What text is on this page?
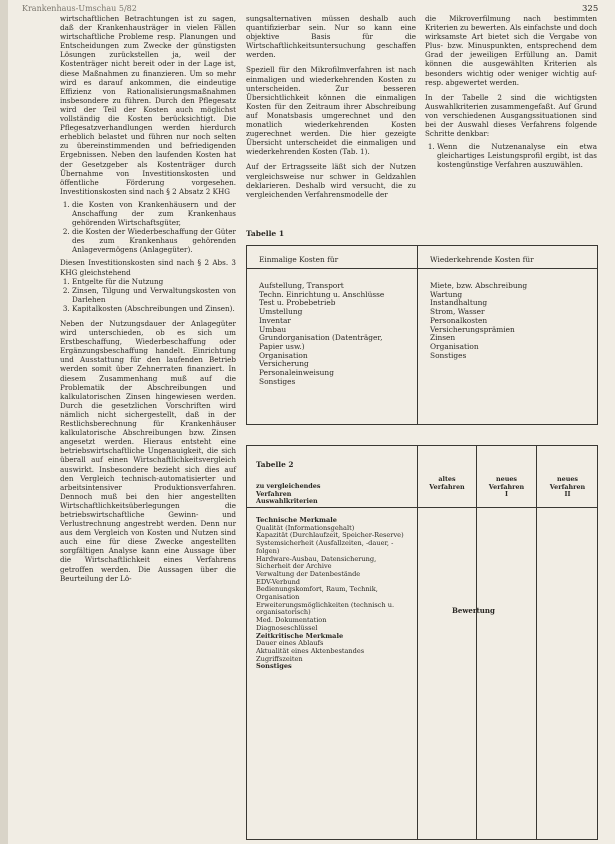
Krankenhaus-Umschau 5/82	325

wirtschaftlichen Betrachtungen ist zu sagen, daß der Krankenhausträger in vielen Fällen wirtschaftliche Probleme resp. Planungen und Entscheidungen zum Zwecke der günstigsten Lösungen zurückstellen ja, weil der Kostenträger nicht bereit oder in der Lage ist, diese Maßnahmen zu finanzieren. Um so mehr wird es darauf ankommen, die eindeutige Effizienz von Rationalisierungsmaßnahmen insbesondere zu führen. Durch den Pflegesatz wird der Teil der Kosten auch möglichst vollständig die Kosten berücksichtigt. Die Pflegesatzverhandlungen werden hierdurch erheblich belastet und führen nur noch selten zu übereinstimmenden und befriedigenden Ergebnissen. Neben den laufenden Kosten hat der Gesetzgeber als Kostenträger durch Übernahme von Investitionskosten und öffentliche Förderung vorgesehen. Investitionskosten sind nach § 2 Absatz 2 KHG

1. die Kosten von Krankenhäusern und der Anschaffung der zum Krankenhaus gehörenden Wirtschaftsgüter,
2. die Kosten der Wiederbeschaffung der Güter des zum Krankenhaus gehörenden Anlagevermögens (Anlagegüter).

Diesen Investitionskosten sind nach § 2 Abs. 3 KHG gleichstehend

1. Entgelte für die Nutzung
2. Zinsen, Tilgung und Verwaltungskosten von Darlehen
3. Kapitalkosten (Abschreibungen und Zinsen).

Neben der Nutzungsdauer der Anlagegüter wird unterschieden, ob es sich um Erstbeschaffung, Wiederbeschaffung oder Ergänzungsbeschaffung handelt. Einrichtung und Ausstattung für den laufenden Betrieb werden somit über Zehnerraten finanziert. In diesem Zusammenhang muß auf die Problematik der Abschreibungen und kalkulatorischen Zinsen hingewiesen werden. Durch die gesetzlichen Vorschriften wird nämlich nicht sichergestellt, daß in der Restlichsberechnung für Krankenhäuser kalkulatorische Abschreibungen bzw. Zinsen angesetzt werden. Hieraus entsteht eine betriebswirtschaftliche Ungenauigkeit, die sich überall auf einen Wirtschaftlichkeitsvergleich auswirkt. Insbesondere bezieht sich dies auf den Vergleich technisch-automatisierter und arbeitsintensiver Produktionsverfahren. Dennoch muß bei den hier angestellten Wirtschaftlichkeitsüberlegungen die betriebswirtschaftliche Gewinn- und Verlustrechnung angestrebt werden. Denn nur aus dem Vergleich von Kosten und Nutzen sind auch eine für diese Zwecke angestellten sorgfältigen Analyse kann eine Aussage über die Wirtschaftlichkeit eines Verfahrens getroffen werden. Die Aussagen über die Beurteilung der Lö-

sungsalternativen müssen deshalb auch quantifizierbar sein. Nur so kann eine objektive Basis für die Wirtschaftlichkeitsuntersuchung geschaffen werden.

Speziell für den Mikrofilmverfahren ist nach einmaligen und wiederkehrenden Kosten zu unterscheiden. Zur besseren Übersichtlichkeit können die einmaligen Kosten für den Zeitraum ihrer Abschreibung auf Monatsbasis umgerechnet und den monatlich wiederkehrenden Kosten zugerechnet werden. Die hier gezeigte Übersicht unterscheidet die einmaligen und wiederkehrenden Kosten (Tab. 1).

Auf der Ertragsseite läßt sich der Nutzen vergleichsweise nur schwer in Geldzahlen deklarieren. Deshalb wird versucht, die zu vergleichenden Verfahrensmodelle der

die Mikroverfilmung nach bestimmten Kriterien zu bewerten. Als einfachste und doch wirksamste Art bietet sich die Vergabe von Plus- bzw. Minuspunkten, entsprechend dem Grad der jeweiligen Erfüllung an. Damit können die ausgewählten Kriterien als besonders wichtig oder weniger wichtig auf- resp. abgewertet werden.

In der Tabelle 2 sind die wichtigsten Auswahlkriterien zusammengefaßt. Auf Grund von verschiedenen Ausgangssituationen sind bei der Auswahl dieses Verfahrens folgende Schritte denkbar:

1. Wenn die Nutzenanalyse ein etwa gleichartiges Leistungsprofil ergibt, ist das kostengünstige Verfahren auszuwählen.
Tabelle 1
Einmalige Kosten für	Wiederkehrende Kosten für
Aufstellung, Transport
Techn. Einrichtung u. Anschlüsse
Test u. Probebetrieb
Umstellung
Inventar
Umbau
Grundorganisation (Datenträger,
Papier usw.)
Organisation
Versicherung
Personaleinweisung
Sonstiges
Miete, bzw. Abschreibung
Wartung
Instandhaltung
Strom, Wasser
Personalkosten
Versicherungsprämien
Zinsen
Organisation
Sonstiges
Tabelle 2
zu vergleichendes
Verfahren
Auswahlkriterien
altes
Verfahren
neues
Verfahren
I
neues
Verfahren
II
Technische Merkmale
Qualität (Informationsgehalt)
Kapazität (Durchlaufzeit, Speicher-Reserve)
Systemsicherheit (Ausfallzeiten, -dauer, -folgen)
Hardware-Ausbau, Datensicherung, Sicherheit der Archive
Verwaltung der Datenbestände
EDV-Verbund
Bedienungskomfort, Raum, Technik, Organisation
Erweiterungsmöglichkeiten (technisch u. organisatorisch)
Med. Dokumentation
Diagnoseschlüssel
Zeitkritische Merkmale
Dauer eines Ablaufs
Aktualität eines Aktenbestandes
Zugriffszeiten
Sonstiges
Bewertung
